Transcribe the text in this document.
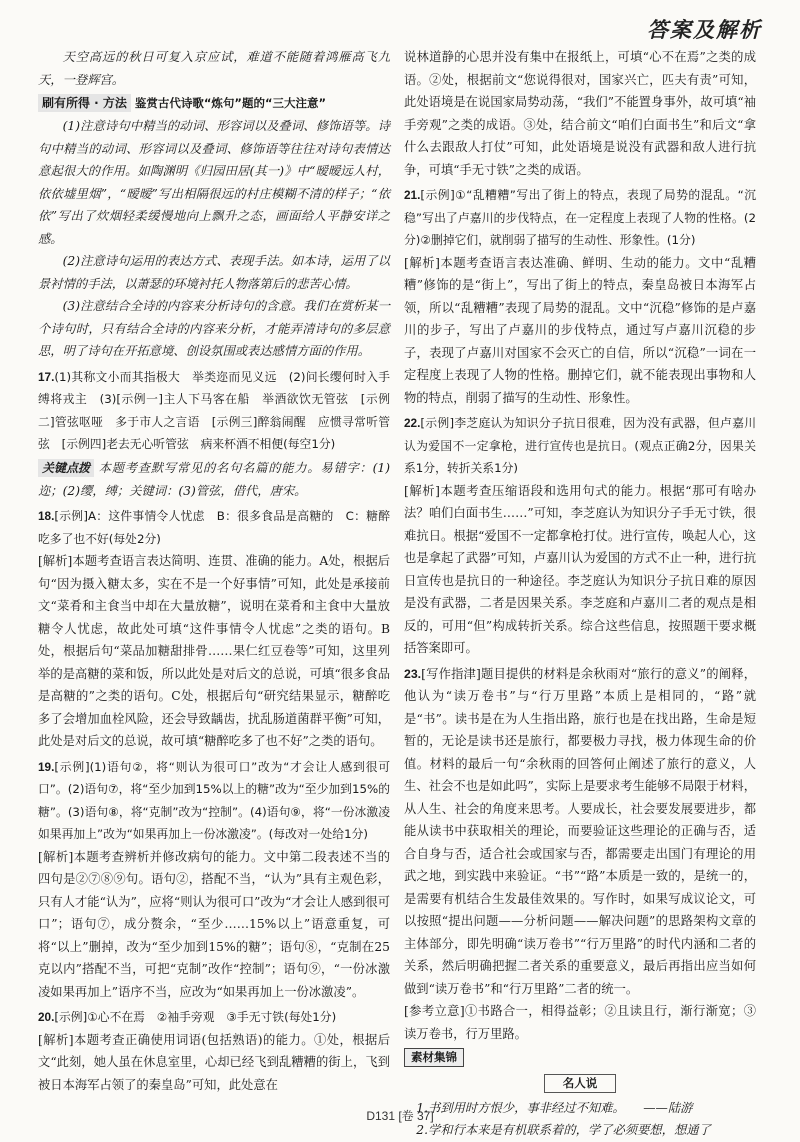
答案及解析

天空高远的秋日可复入京应试，难道不能随着鸿雁高飞九天，一登辉宫。

刷有所得 · 方法 鉴赏古代诗歌“炼句”题的“三大注意”

(1)注意诗句中精当的动词、形容词以及叠词、修饰语等。诗句中精当的动词、形容词以及叠词、修饰语等往往对诗句表情达意起很大的作用。如陶渊明《归园田居(其一)》中“暧暧远人村，依依墟里烟”，“暧暧”写出相隔很远的村庄模糊不清的样子；“依依”写出了炊烟轻柔缓慢地向上飘升之态，画面给人平静安详之感。

(2)注意诗句运用的表达方式、表现手法。如本诗，运用了以景衬情的手法，以萧瑟的环境衬托人物落第后的悲苦心情。

(3)注意结合全诗的内容来分析诗句的含意。我们在赏析某一个诗句时，只有结合全诗的内容来分析，才能弄清诗句的多层意思，明了诗句在开拓意境、创设氛围或表达感情方面的作用。

17.(1)其称文小而其指极大　举类迩而见义远　(2)问长缨何时入手　缚将戎主　(3)[示例一]主人下马客在船　举酒欲饮无管弦　[示例二]管弦呕哑　多于市人之言语　[示例三]醉翁闹醒　应惯寻常听管弦　[示例四]老去无心听管弦　病来杯酒不相便(每空1分)

关键点拨 本题考查默写常见的名句名篇的能力。易错字：(1)迩；(2)缨，缚；关键词：(3)管弦，借代，唐宋。

18.[示例]A：这件事情令人忧虑　B：很多食品是高糖的　C：糖醉吃多了也不好(每处2分)

[解析]本题考查语言表达简明、连贯、准确的能力。A处，根据后句“因为摄入糖太多，实在不是一个好事情”可知，此处是承接前文“菜肴和主食当中却在大量放糖”，说明在菜肴和主食中大量放糖令人忧虑，故此处可填“这件事情令人忧虑”之类的语句。B处，根据后句“菜品加糖甜排骨……果仁红豆卷等”可知，这里列举的是高糖的菜和饭，所以此处是对后文的总说，可填“很多食品是高糖的”之类的语句。C处，根据后句“研究结果显示，糖醉吃多了会增加血栓风险，还会导致龋齿，扰乱肠道菌群平衡”可知，此处是对后文的总说，故可填“糖醉吃多了也不好”之类的语句。

19.[示例](1)语句②，将“则认为很可口”改为“才会让人感到很可口”。(2)语句⑦，将“至少加到15%以上的糖”改为“至少加到15%的糖”。(3)语句⑧，将“克制”改为“控制”。(4)语句⑨，将“一份冰激凌如果再加上”改为“如果再加上一份冰激凌”。(每改对一处给1分)

[解析]本题考查辨析并修改病句的能力。文中第二段表述不当的四句是②⑦⑧⑨句。语句②，搭配不当，“认为”具有主观色彩，只有人才能“认为”，应将“则认为很可口”改为“才会让人感到很可口”；语句⑦，成分赘余，“至少……15%以上”语意重复，可将“以上”删掉，改为“至少加到15%的糖”；语句⑧，“克制在25克以内”搭配不当，可把“克制”改作“控制”；语句⑨，“一份冰激凌如果再加上”语序不当，应改为“如果再加上一份冰激凌”。

20.[示例]①心不在焉　②袖手旁观　③手无寸铁(每处1分)

[解析]本题考查正确使用词语(包括熟语)的能力。①处，根据后文“此刻，她人虽在休息室里，心却已经飞到乱糟糟的街上，飞到被日本海军占领了的秦皇岛”可知，此处意在

说林道静的心思并没有集中在报纸上，可填“心不在焉”之类的成语。②处，根据前文“您说得很对，国家兴亡，匹夫有责”可知，此处语境是在说国家局势动荡，“我们”不能置身事外，故可填“袖手旁观”之类的成语。③处，结合前文“咱们白面书生”和后文“拿什么去跟敌人打仗”可知，此处语境是说没有武器和敌人进行抗争，可填“手无寸铁”之类的成语。

21.[示例]①“乱糟糟”写出了街上的特点，表现了局势的混乱。“沉稳”写出了卢嘉川的步伐特点，在一定程度上表现了人物的性格。(2分)②删掉它们，就削弱了描写的生动性、形象性。(1分)

[解析]本题考查语言表达准确、鲜明、生动的能力。文中“乱糟糟”修饰的是“街上”，写出了街上的特点，秦皇岛被日本海军占领，所以“乱糟糟”表现了局势的混乱。文中“沉稳”修饰的是卢嘉川的步子，写出了卢嘉川的步伐特点，通过写卢嘉川沉稳的步子，表现了卢嘉川对国家不会灭亡的自信，所以“沉稳”一词在一定程度上表现了人物的性格。删掉它们，就不能表现出事物和人物的特点，削弱了描写的生动性、形象性。

22.[示例]李芝庭认为知识分子抗日很难，因为没有武器，但卢嘉川认为爱国不一定拿枪，进行宣传也是抗日。(观点正确2分，因果关系1分，转折关系1分)

[解析]本题考查压缩语段和选用句式的能力。根据“那可有啥办法？咱们白面书生……”可知，李芝庭认为知识分子手无寸铁，很难抗日。根据“爱国不一定都拿枪打仗。进行宣传，唤起人心，这也是拿起了武器”可知，卢嘉川认为爱国的方式不止一种，进行抗日宣传也是抗日的一种途径。李芝庭认为知识分子抗日难的原因是没有武器，二者是因果关系。李芝庭和卢嘉川二者的观点是相反的，可用“但”构成转折关系。综合这些信息，按照题干要求概括答案即可。

23.[写作指津]题目提供的材料是余秋雨对“旅行的意义”的阐释，他认为“读万卷书”与“行万里路”本质上是相同的，“路”就是“书”。读书是在为人生指出路，旅行也是在找出路，生命是短暂的，无论是读书还是旅行，都要极力寻找，极力体现生命的价值。材料的最后一句“余秋雨的回答何止阐述了旅行的意义，人生、社会不也是如此吗”，实际上是要求考生能够不局限于材料，从人生、社会的角度来思考。人要成长，社会要发展要进步，都能从读书中获取相关的理论，而要验证这些理论的正确与否，适合自身与否，适合社会或国家与否，都需要走出国门有理论的用武之地，到实践中来验证。“书”“路”本质是一致的，是统一的，是需要有机结合生发最佳效果的。写作时，如果写成议论文，可以按照“提出问题——分析问题——解决问题”的思路架构文章的主体部分，即先明确“读万卷书”“行万里路”的时代内涵和二者的关系，然后明确把握二者关系的重要意义，最后再指出应当如何做到“读万卷书”和“行万里路”二者的统一。

[参考立意]①书路合一，相得益彰；②且读且行，渐行渐宽；③读万卷书，行万里路。

素材集锦
名人说

1.书到用时方恨少，事非经过不知难。　　——陆游

2.学和行本来是有机联系着的，学了必须要想，想通了

D131 [卷 37]
